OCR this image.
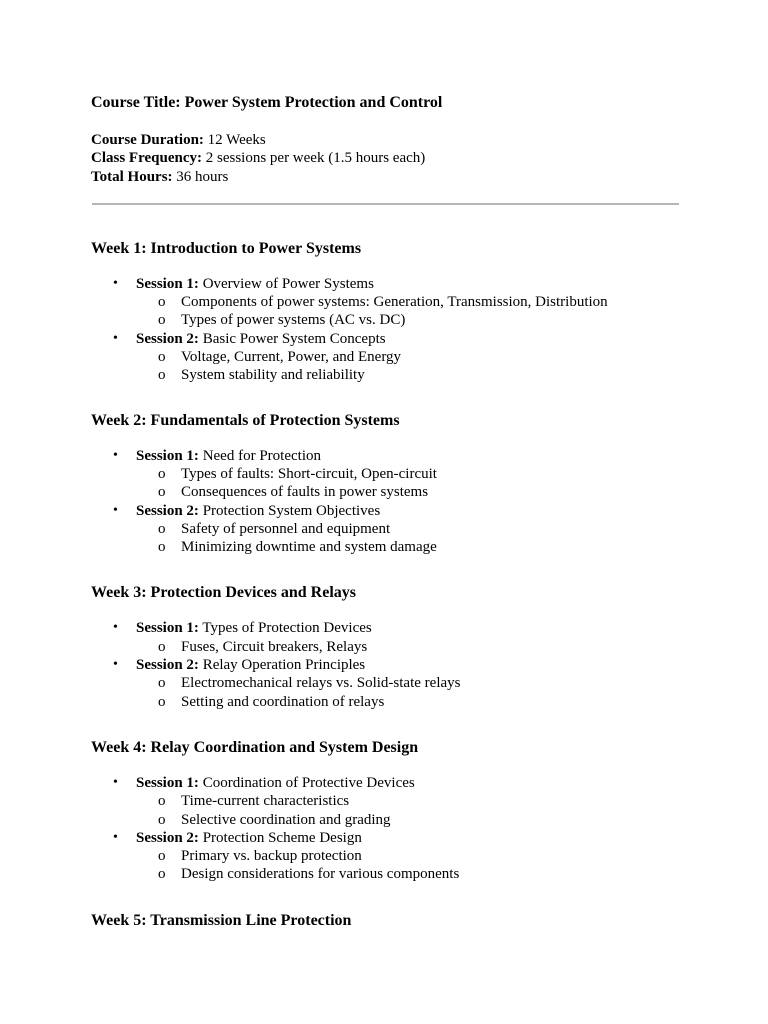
Course Title: Power System Protection and Control
Course Duration: 12 Weeks
Class Frequency: 2 sessions per week (1.5 hours each)
Total Hours: 36 hours
Week 1: Introduction to Power Systems
• Session 1: Overview of Power Systems
o Components of power systems: Generation, Transmission, Distribution
o Types of power systems (AC vs. DC)
• Session 2: Basic Power System Concepts
o Voltage, Current, Power, and Energy
o System stability and reliability
Week 2: Fundamentals of Protection Systems
• Session 1: Need for Protection
o Types of faults: Short-circuit, Open-circuit
o Consequences of faults in power systems
• Session 2: Protection System Objectives
o Safety of personnel and equipment
o Minimizing downtime and system damage
Week 3: Protection Devices and Relays
• Session 1: Types of Protection Devices
o Fuses, Circuit breakers, Relays
• Session 2: Relay Operation Principles
o Electromechanical relays vs. Solid-state relays
o Setting and coordination of relays
Week 4: Relay Coordination and System Design
• Session 1: Coordination of Protective Devices
o Time-current characteristics
o Selective coordination and grading
• Session 2: Protection Scheme Design
o Primary vs. backup protection
o Design considerations for various components
Week 5: Transmission Line Protection
